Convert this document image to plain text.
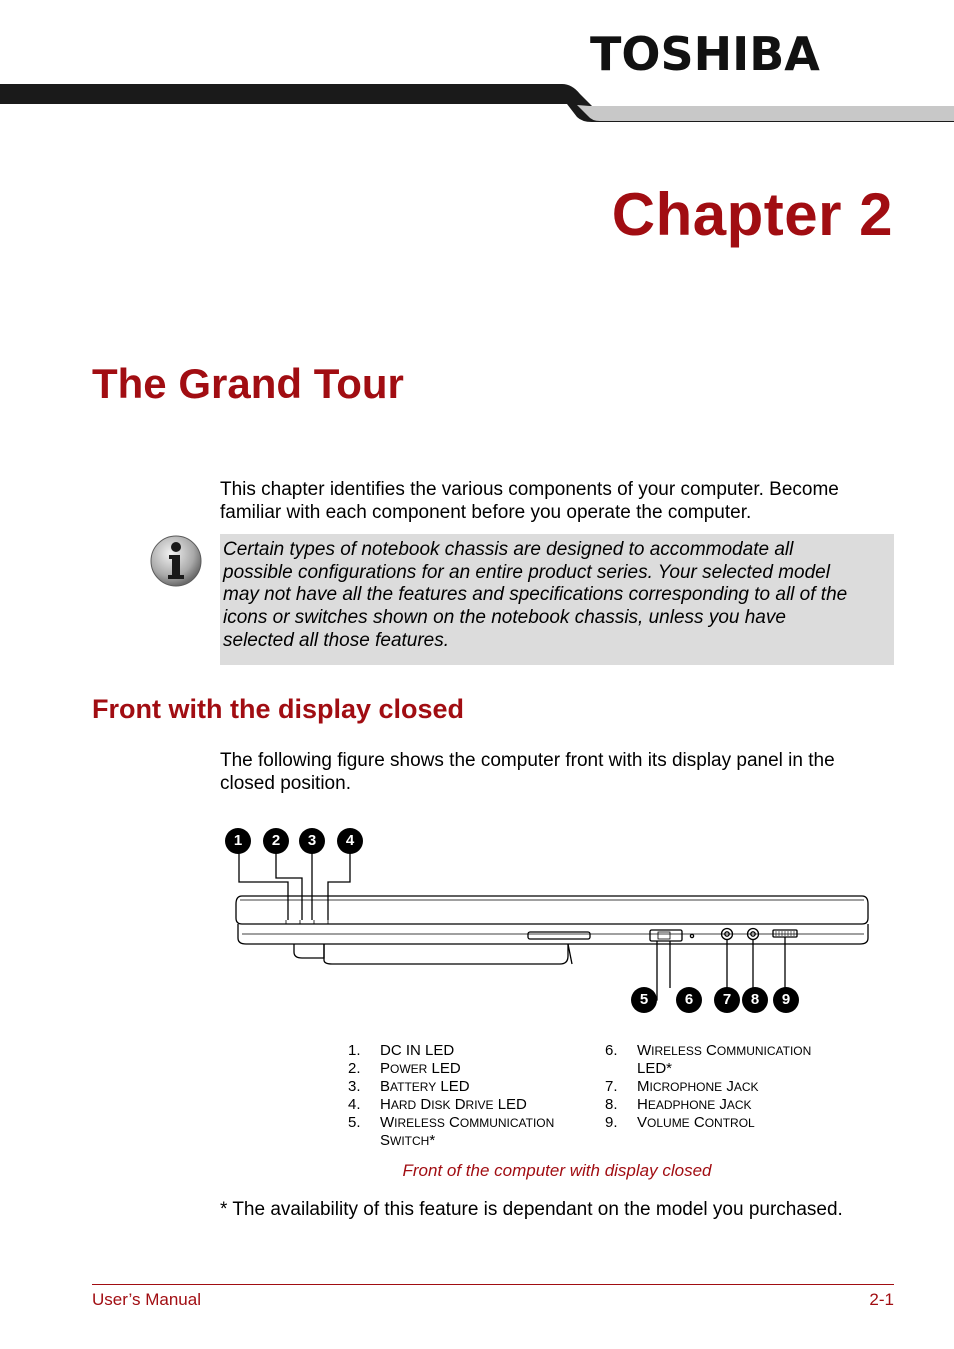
TOSHIBA
Chapter 2
The Grand Tour
This chapter identifies the various components of your computer. Become familiar with each component before you operate the computer.
Certain types of notebook chassis are designed to accommodate all
possible configurations for an entire product series. Your selected model
may not have all the features and specifications corresponding to all of the
icons or switches shown on the notebook chassis, unless you have
selected all those features.
Front with the display closed
The following figure shows the computer front with its display panel in the
closed position.
1	2	3	4
5	6	7	8	9
1. DC IN LED
2. POWER LED
3. BATTERY LED
4. HARD DISK DRIVE LED
5. WIRELESS COMMUNICATION
SWITCH*
6. WIRELESS COMMUNICATION
LED*
7. MICROPHONE JACK
8. HEADPHONE JACK
9. VOLUME CONTROL
Front of the computer with display closed
* The availability of this feature is dependant on the model you purchased.
User’s Manual	2-1
